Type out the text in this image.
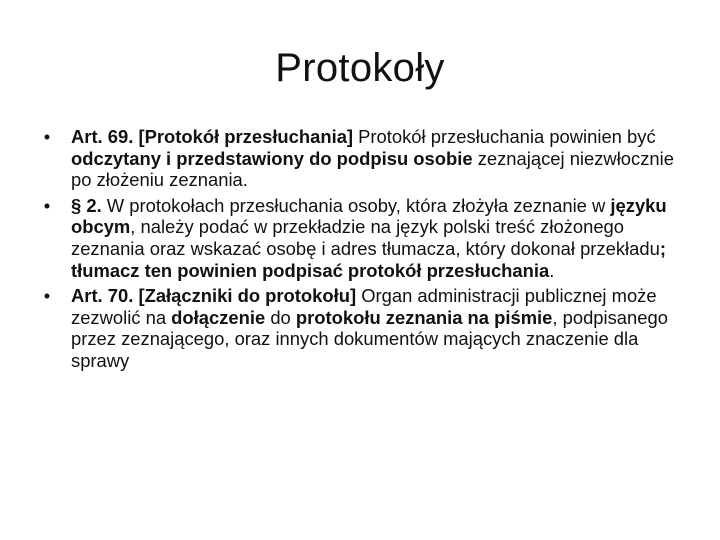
Protokoły
•	Art. 69. [Protokół przesłuchania] Protokół przesłuchania powinien być odczytany i przedstawiony do podpisu osobie zeznającej niezwłocznie po złożeniu zeznania.
•	§ 2. W protokołach przesłuchania osoby, która złożyła zeznanie w języku obcym, należy podać w przekładzie na język polski treść złożonego zeznania oraz wskazać osobę i adres tłumacza, który dokonał przekładu; tłumacz ten powinien podpisać protokół przesłuchania.
•	Art. 70. [Załączniki do protokołu] Organ administracji publicznej może zezwolić na dołączenie do protokołu zeznania na piśmie, podpisanego przez zeznającego, oraz innych dokumentów mających znaczenie dla sprawy
